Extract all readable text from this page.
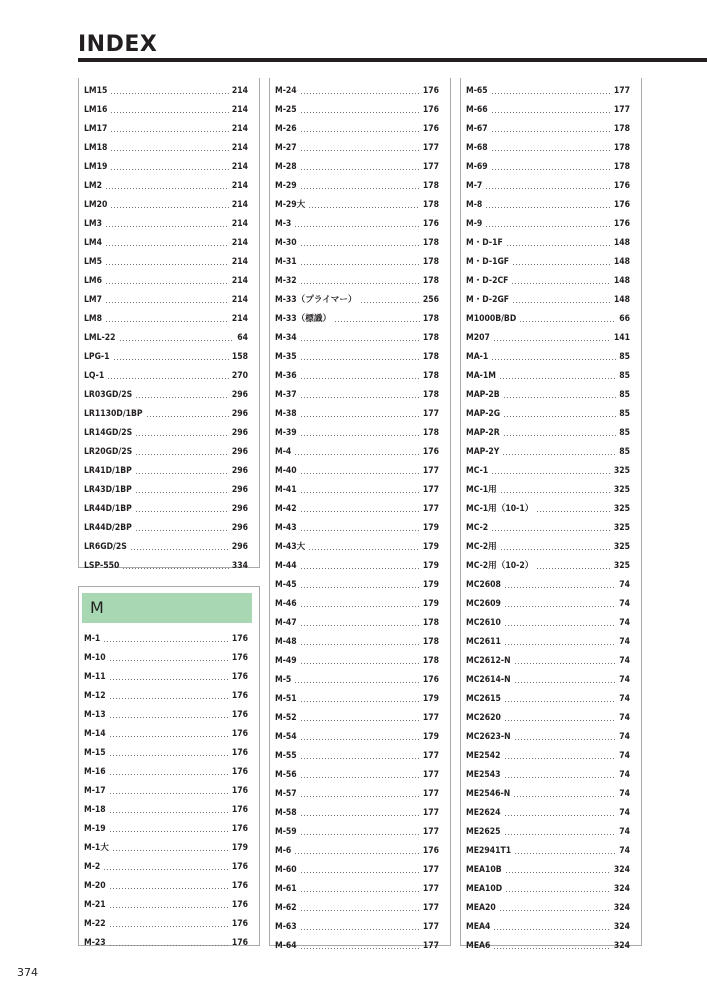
INDEX
M
LM15	214
LM16	214
LM17	214
LM18	214
LM19	214
LM2	214
LM20	214
LM3	214
LM4	214
LM5	214
LM6	214
LM7	214
LM8	214
LML-22	64
LPG-1	158
LQ-1	270
LR03GD/2S	296
LR1130D/1BP	296
LR14GD/2S	296
LR20GD/2S	296
LR41D/1BP	296
LR43D/1BP	296
LR44D/1BP	296
LR44D/2BP	296
LR6GD/2S	296
LSP-550	334
M-1	176
M-10	176
M-11	176
M-12	176
M-13	176
M-14	176
M-15	176
M-16	176
M-17	176
M-18	176
M-19	176
M-1大	179
M-2	176
M-20	176
M-21	176
M-22	176
M-23	176
M-24	176
M-25	176
M-26	176
M-27	177
M-28	177
M-29	178
M-29大	178
M-3	176
M-30	178
M-31	178
M-32	178
M-33（プライマー）	256
M-33（標識）	178
M-34	178
M-35	178
M-36	178
M-37	178
M-38	177
M-39	178
M-4	176
M-40	177
M-41	177
M-42	177
M-43	179
M-43大	179
M-44	179
M-45	179
M-46	179
M-47	178
M-48	178
M-49	178
M-5	176
M-51	179
M-52	177
M-54	179
M-55	177
M-56	177
M-57	177
M-58	177
M-59	177
M-6	176
M-60	177
M-61	177
M-62	177
M-63	177
M-64	177
M-65	177
M-66	177
M-67	178
M-68	178
M-69	178
M-7	176
M-8	176
M-9	176
M・D-1F	148
M・D-1GF	148
M・D-2CF	148
M・D-2GF	148
M1000B/BD	66
M207	141
MA-1	85
MA-1M	85
MAP-2B	85
MAP-2G	85
MAP-2R	85
MAP-2Y	85
MC-1	325
MC-1用	325
MC-1用（10-1）	325
MC-2	325
MC-2用	325
MC-2用（10-2）	325
MC2608	74
MC2609	74
MC2610	74
MC2611	74
MC2612-N	74
MC2614-N	74
MC2615	74
MC2620	74
MC2623-N	74
ME2542	74
ME2543	74
ME2546-N	74
ME2624	74
ME2625	74
ME2941T1	74
MEA10B	324
MEA10D	324
MEA20	324
MEA4	324
MEA6	324
374
